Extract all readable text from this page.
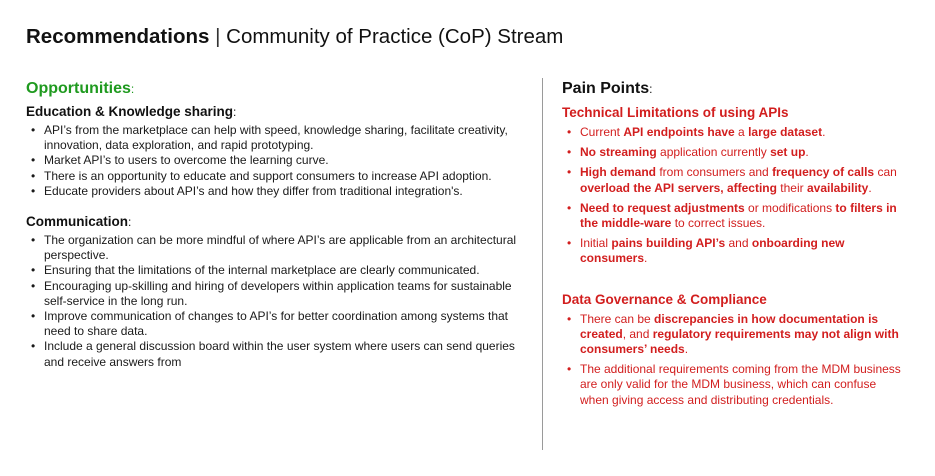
Recommendations | Community of Practice (CoP) Stream
Opportunities:
Education & Knowledge sharing:
• API’s from the marketplace can help with speed, knowledge sharing, facilitate creativity, innovation, data exploration, and rapid prototyping.
• Market API’s to users to overcome the learning curve.
• There is an opportunity to educate and support consumers to increase API adoption.
• Educate providers about API’s and how they differ from traditional integration's.
Communication:
• The organization can be more mindful of where API’s are applicable from an architectural perspective.
• Ensuring that the limitations of the internal marketplace are clearly communicated.
• Encouraging up-skilling and hiring of developers within application teams for sustainable self-service in the long run.
• Improve communication of changes to API’s for better coordination among systems that need to share data.
• Include a general discussion board within the user system where users can send queries and receive answers from
Pain Points:
Technical Limitations of using APIs
• Current API endpoints have a large dataset.
• No streaming application currently set up.
• High demand from consumers and frequency of calls can overload the API servers, affecting their availability.
• Need to request adjustments or modifications to filters in the middle-ware to correct issues.
• Initial pains building API’s and onboarding new consumers.
Data Governance & Compliance
• There can be discrepancies in how documentation is created, and regulatory requirements may not align with consumers’ needs.
• The additional requirements coming from the MDM business are only valid for the MDM business, which can confuse when giving access and distributing credentials.
